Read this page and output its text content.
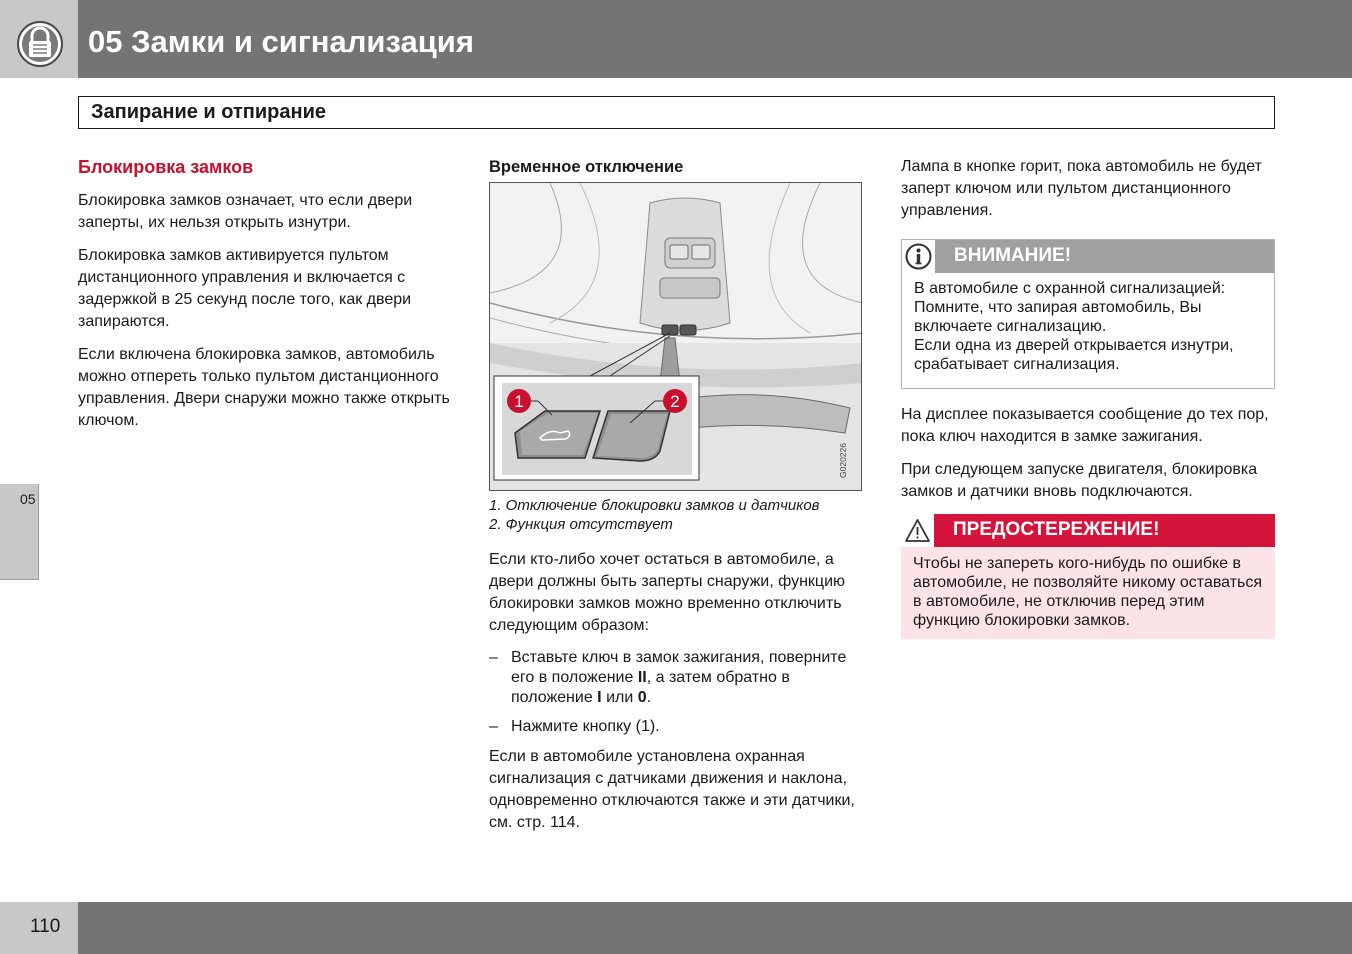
05 Замки и сигнализация
Запирание и отпирание
05
Блокировка замков
Блокировка замков означает, что если двери заперты, их нельзя открыть изнутри.
Блокировка замков активируется пультом дистанционного управления и включается с задержкой в 25 секунд после того, как двери запираются.
Если включена блокировка замков, автомобиль можно отпереть только пультом дистанционного управления. Двери снаружи можно также открыть ключом.
Временное отключение
1	2
G020226
1. Отключение блокировки замков и датчиков
2. Функция отсутствует
Если кто-либо хочет остаться в автомобиле, а двери должны быть заперты снаружи, функцию блокировки замков можно временно отключить следующим образом:
– Вставьте ключ в замок зажигания, поверните его в положение II, а затем обратно в положение I или 0.
– Нажмите кнопку (1).
Если в автомобиле установлена охранная сигнализация с датчиками движения и наклона, одновременно отключаются также и эти датчики, см. стр. 114.
Лампа в кнопке горит, пока автомобиль не будет заперт ключом или пультом дистанционного управления.
ВНИМАНИЕ!
В автомобиле с охранной сигнализацией:
Помните, что запирая автомобиль, Вы включаете сигнализацию.
Если одна из дверей открывается изнутри, срабатывает сигнализация.
На дисплее показывается сообщение до тех пор, пока ключ находится в замке зажигания.
При следующем запуске двигателя, блокировка замков и датчики вновь подключаются.
ПРЕДОСТЕРЕЖЕНИЕ!
Чтобы не запереть кого-нибудь по ошибке в автомобиле, не позволяйте никому оставаться в автомобиле, не отключив перед этим функцию блокировки замков.
110
